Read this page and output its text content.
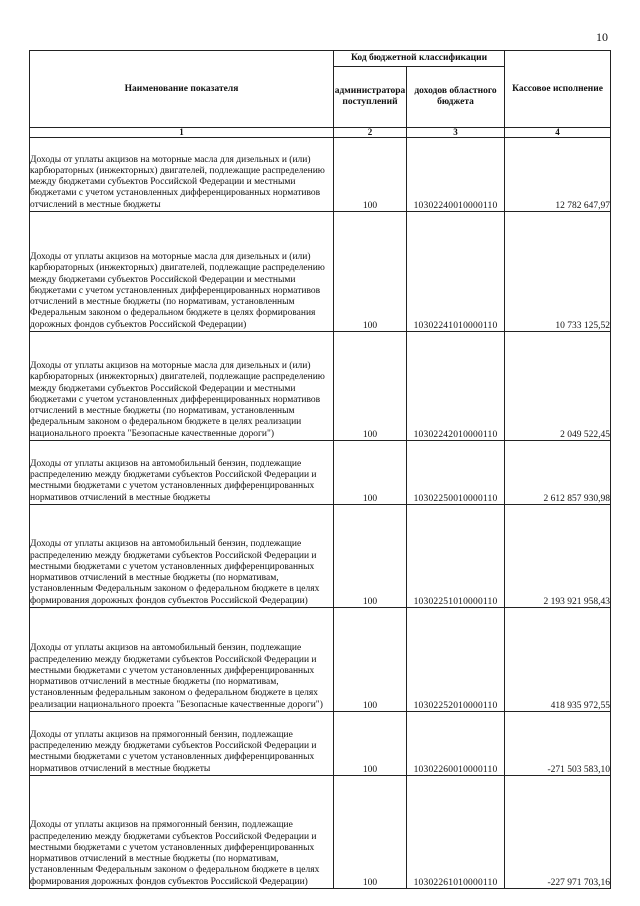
10
Наименование показателя	Код бюджетной классификации		Кассовое исполнение
	администратора поступлений	доходов областного бюджета	
1	2	3	4
Доходы от уплаты акцизов на моторные масла для дизельных и (или) карбюраторных (инжекторных) двигателей, подлежащие распределению между бюджетами субъектов Российской Федерации и местными бюджетами с учетом установленных дифференцированных нормативов отчислений в местные бюджеты	100	10302240010000110	12 782 647,97
Доходы от уплаты акцизов на моторные масла для дизельных и (или) карбюраторных (инжекторных) двигателей, подлежащие распределению между бюджетами субъектов Российской Федерации и местными бюджетами с учетом установленных дифференцированных нормативов отчислений в местные бюджеты (по нормативам, установленным Федеральным законом о федеральном бюджете в целях формирования дорожных фондов субъектов Российской Федерации)	100	10302241010000110	10 733 125,52
Доходы от уплаты акцизов на моторные масла для дизельных и (или) карбюраторных (инжекторных) двигателей, подлежащие распределению между бюджетами субъектов Российской Федерации и местными бюджетами с учетом установленных дифференцированных нормативов отчислений в местные бюджеты (по нормативам, установленным федеральным законом о федеральном бюджете в целях реализации национального проекта "Безопасные качественные дороги")	100	10302242010000110	2 049 522,45
Доходы от уплаты акцизов на автомобильный бензин, подлежащие распределению между бюджетами субъектов Российской Федерации и местными бюджетами с учетом установленных дифференцированных нормативов отчислений в местные бюджеты	100	10302250010000110	2 612 857 930,98
Доходы от уплаты акцизов на автомобильный бензин, подлежащие распределению между бюджетами субъектов Российской Федерации и местными бюджетами с учетом установленных дифференцированных нормативов отчислений в местные бюджеты (по нормативам, установленным Федеральным законом о федеральном бюджете в целях формирования дорожных фондов субъектов Российской Федерации)	100	10302251010000110	2 193 921 958,43
Доходы от уплаты акцизов на автомобильный бензин, подлежащие распределению между бюджетами субъектов Российской Федерации и местными бюджетами с учетом установленных дифференцированных нормативов отчислений в местные бюджеты (по нормативам, установленным федеральным законом о федеральном бюджете в целях реализации национального проекта "Безопасные качественные дороги")	100	10302252010000110	418 935 972,55
Доходы от уплаты акцизов на прямогонный бензин, подлежащие распределению между бюджетами субъектов Российской Федерации и местными бюджетами с учетом установленных дифференцированных нормативов отчислений в местные бюджеты	100	10302260010000110	-271 503 583,10
Доходы от уплаты акцизов на прямогонный бензин, подлежащие распределению между бюджетами субъектов Российской Федерации и местными бюджетами с учетом установленных дифференцированных нормативов отчислений в местные бюджеты (по нормативам, установленным Федеральным законом о федеральном бюджете в целях формирования дорожных фондов субъектов Российской Федерации)	100	10302261010000110	-227 971 703,16
